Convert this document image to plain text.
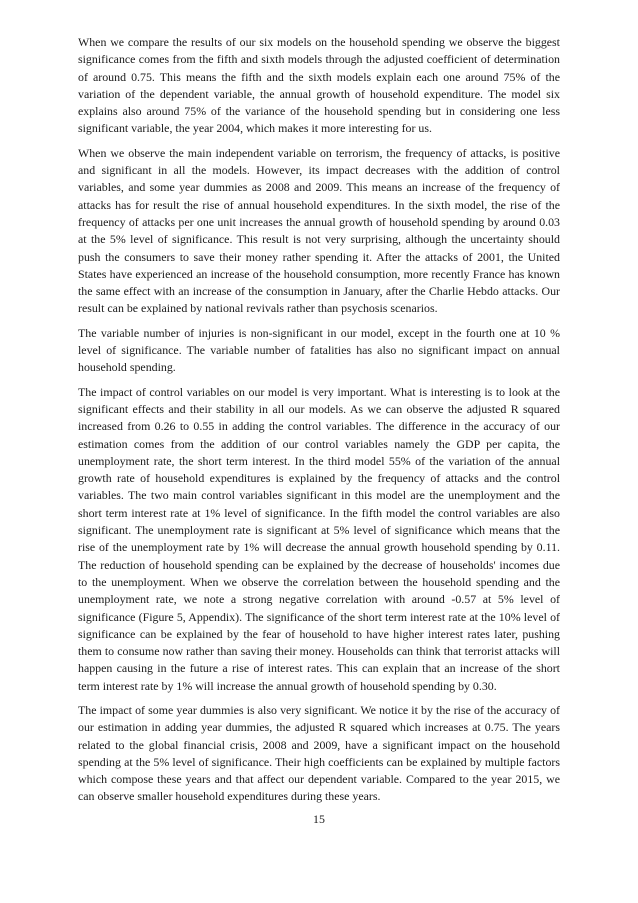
When we compare the results of our six models on the household spending we observe the biggest significance comes from the fifth and sixth models through the adjusted coefficient of determination of around 0.75. This means the fifth and the sixth models explain each one around 75% of the variation of the dependent variable, the annual growth of household expenditure. The model six explains also around 75% of the variance of the household spending but in considering one less significant variable, the year 2004, which makes it more interesting for us.

When we observe the main independent variable on terrorism, the frequency of attacks, is positive and significant in all the models. However, its impact decreases with the addition of control variables, and some year dummies as 2008 and 2009. This means an increase of the frequency of attacks has for result the rise of annual household expenditures. In the sixth model, the rise of the frequency of attacks per one unit increases the annual growth of household spending by around 0.03 at the 5% level of significance. This result is not very surprising, although the uncertainty should push the consumers to save their money rather spending it. After the attacks of 2001, the United States have experienced an increase of the household consumption, more recently France has known the same effect with an increase of the consumption in January, after the Charlie Hebdo attacks. Our result can be explained by national revivals rather than psychosis scenarios.

The variable number of injuries is non-significant in our model, except in the fourth one at 10 % level of significance. The variable number of fatalities has also no significant impact on annual household spending.

The impact of control variables on our model is very important. What is interesting is to look at the significant effects and their stability in all our models. As we can observe the adjusted R squared increased from 0.26 to 0.55 in adding the control variables. The difference in the accuracy of our estimation comes from the addition of our control variables namely the GDP per capita, the unemployment rate, the short term interest. In the third model 55% of the variation of the annual growth rate of household expenditures is explained by the frequency of attacks and the control variables. The two main control variables significant in this model are the unemployment and the short term interest rate at 1% level of significance. In the fifth model the control variables are also significant. The unemployment rate is significant at 5% level of significance which means that the rise of the unemployment rate by 1% will decrease the annual growth household spending by 0.11. The reduction of household spending can be explained by the decrease of households' incomes due to the unemployment. When we observe the correlation between the household spending and the unemployment rate, we note a strong negative correlation with around -0.57 at 5% level of significance (Figure 5, Appendix). The significance of the short term interest rate at the 10% level of significance can be explained by the fear of household to have higher interest rates later, pushing them to consume now rather than saving their money. Households can think that terrorist attacks will happen causing in the future a rise of interest rates. This can explain that an increase of the short term interest rate by 1% will increase the annual growth of household spending by 0.30.

The impact of some year dummies is also very significant. We notice it by the rise of the accuracy of our estimation in adding year dummies, the adjusted R squared which increases at 0.75. The years related to the global financial crisis, 2008 and 2009, have a significant impact on the household spending at the 5% level of significance. Their high coefficients can be explained by multiple factors which compose these years and that affect our dependent variable. Compared to the year 2015, we can observe smaller household expenditures during these years.

15
